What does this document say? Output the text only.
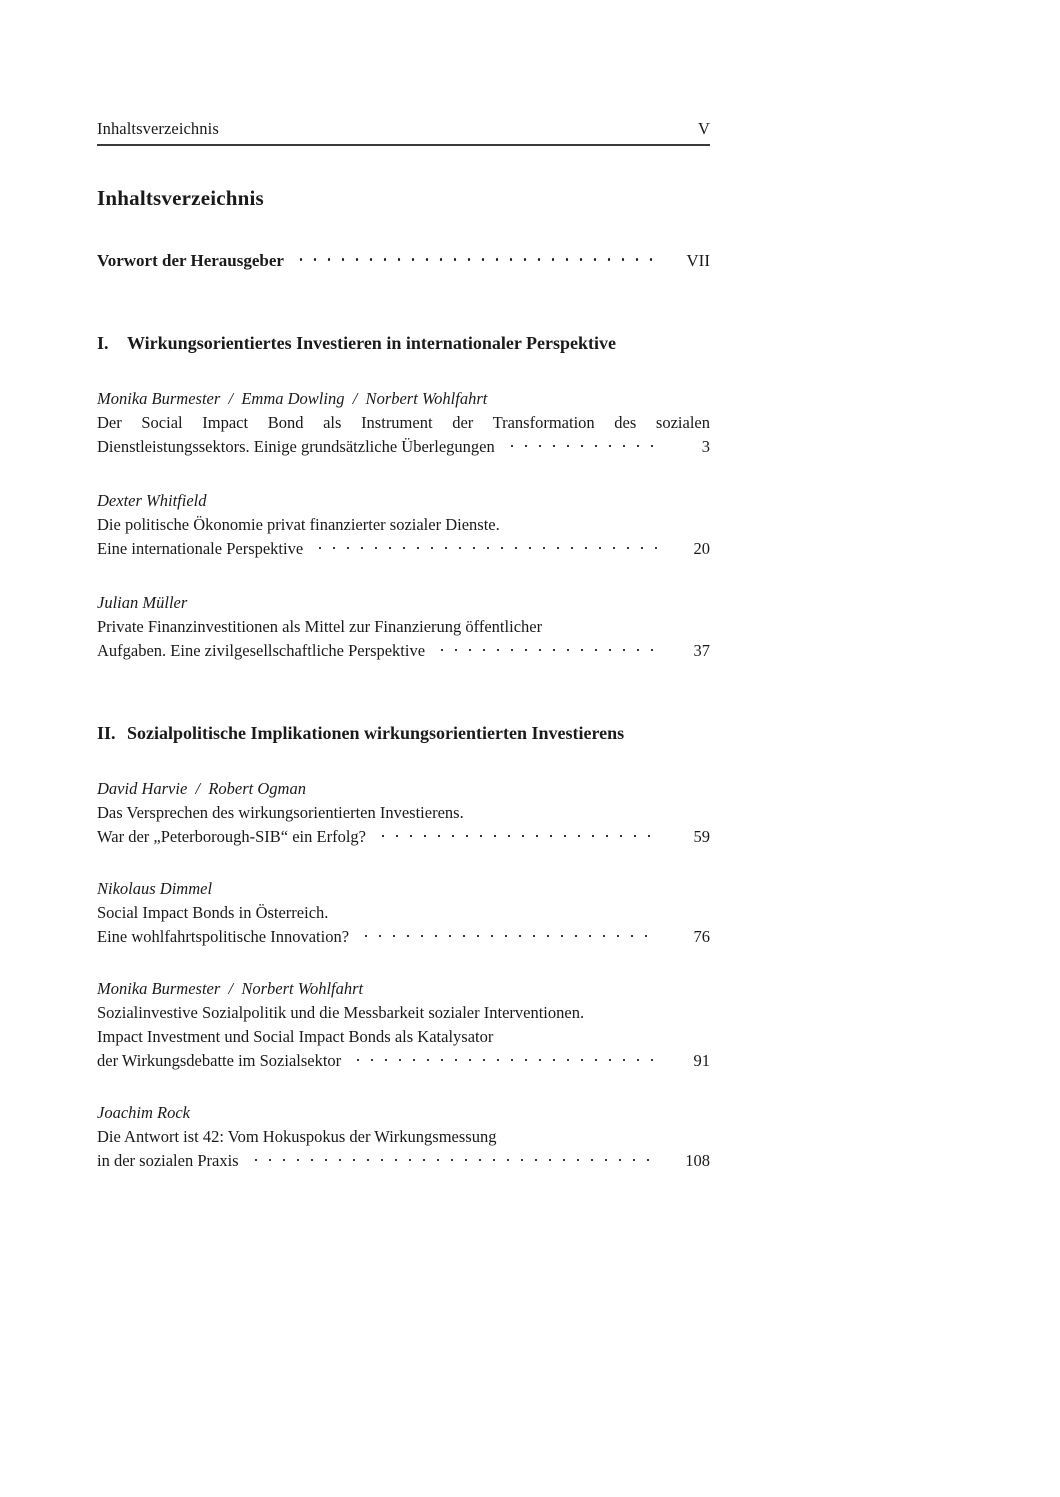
Inhaltsverzeichnis	V
Inhaltsverzeichnis
Vorwort der Herausgeber	VII
I.	Wirkungsorientiertes Investieren in internationaler Perspektive
Monika Burmester  /  Emma Dowling  /  Norbert Wohlfahrt
Der Social Impact Bond als Instrument der Transformation des sozialen
Dienstleistungssektors. Einige grundsätzliche Überlegungen	3
Dexter Whitfield
Die politische Ökonomie privat finanzierter sozialer Dienste.
Eine internationale Perspektive	20
Julian Müller
Private Finanzinvestitionen als Mittel zur Finanzierung öffentlicher
Aufgaben. Eine zivilgesellschaftliche Perspektive	37
II. Sozialpolitische Implikationen wirkungsorientierten Investierens
David Harvie  /  Robert Ogman
Das Versprechen des wirkungsorientierten Investierens.
War der „Peterborough-SIB“ ein Erfolg?	59
Nikolaus Dimmel
Social Impact Bonds in Österreich.
Eine wohlfahrtspolitische Innovation?	76
Monika Burmester  /  Norbert Wohlfahrt
Sozialinvestive Sozialpolitik und die Messbarkeit sozialer Interventionen.
Impact Investment und Social Impact Bonds als Katalysator
der Wirkungsdebatte im Sozialsektor	91
Joachim Rock
Die Antwort ist 42: Vom Hokuspokus der Wirkungsmessung
in der sozialen Praxis	108
